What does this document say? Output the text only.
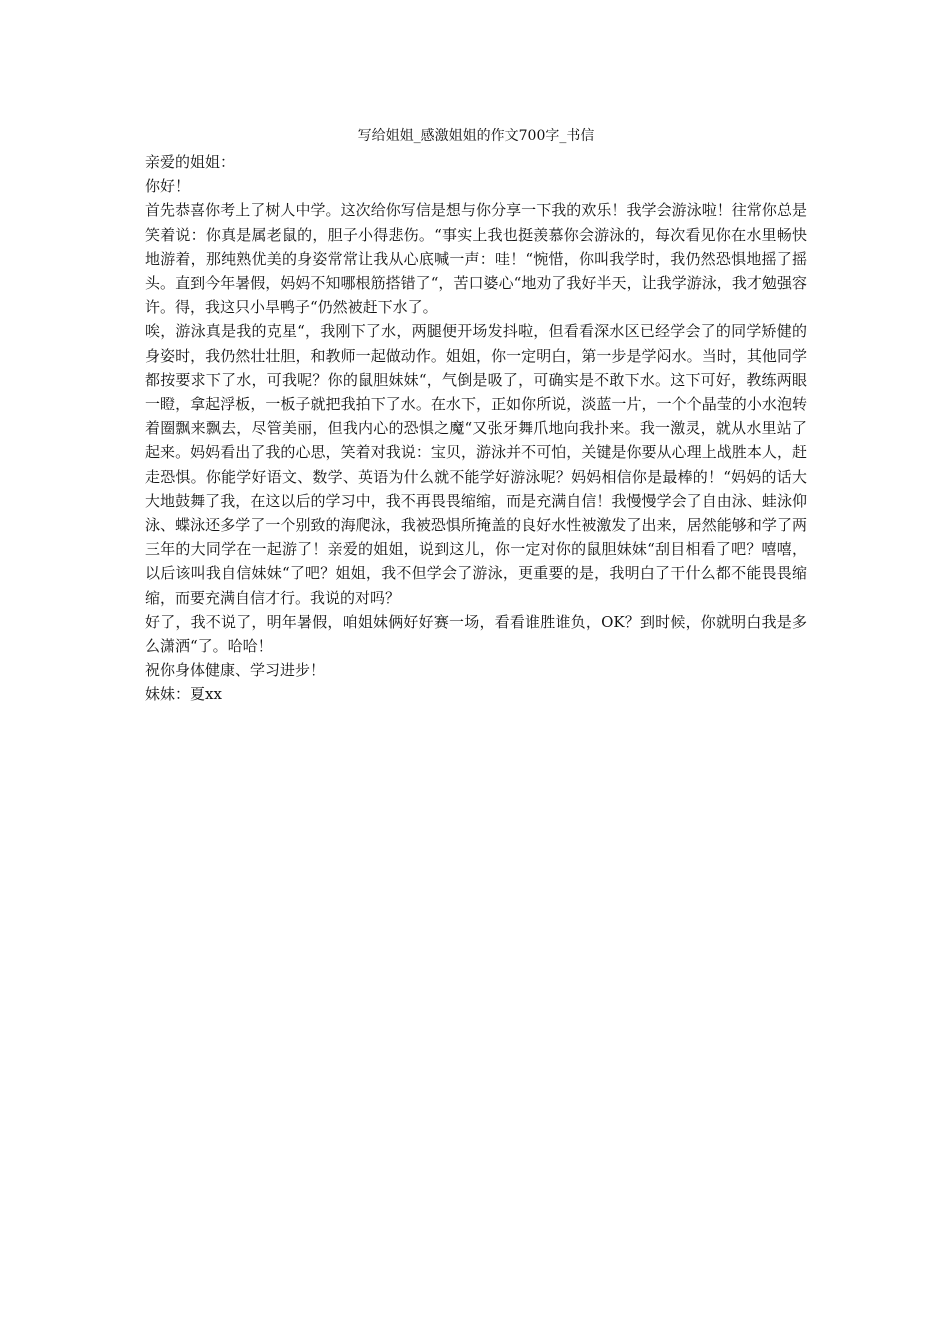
写给姐姐_感激姐姐的作文700字_书信

亲爱的姐姐：

你好！

首先恭喜你考上了树人中学。这次给你写信是想与你分享一下我的欢乐！我学会游泳啦！往常你总是笑着说：你真是属老鼠的，胆子小得悲伤。“事实上我也挺羡慕你会游泳的，每次看见你在水里畅快地游着，那纯熟优美的身姿常常让我从心底喊一声：哇！“惋惜，你叫我学时，我仍然恐惧地摇了摇头。直到今年暑假，妈妈不知哪根筋搭错了“，苦口婆心“地劝了我好半天，让我学游泳，我才勉强容许。得，我这只小旱鸭子“仍然被赶下水了。

唉，游泳真是我的克星“，我刚下了水，两腿便开场发抖啦，但看看深水区已经学会了的同学矫健的身姿时，我仍然壮壮胆，和教师一起做动作。姐姐，你一定明白，第一步是学闷水。当时，其他同学都按要求下了水，可我呢？你的鼠胆妹妹“，气倒是吸了，可确实是不敢下水。这下可好，教练两眼一瞪，拿起浮板，一板子就把我拍下了水。在水下，正如你所说，淡蓝一片，一个个晶莹的小水泡转着圈飘来飘去，尽管美丽，但我内心的恐惧之魔“又张牙舞爪地向我扑来。我一激灵，就从水里站了起来。妈妈看出了我的心思，笑着对我说：宝贝，游泳并不可怕，关键是你要从心理上战胜本人，赶走恐惧。你能学好语文、数学、英语为什么就不能学好游泳呢？妈妈相信你是最棒的！“妈妈的话大大地鼓舞了我，在这以后的学习中，我不再畏畏缩缩，而是充满自信！我慢慢学会了自由泳、蛙泳仰泳、蝶泳还多学了一个别致的海爬泳，我被恐惧所掩盖的良好水性被激发了出来，居然能够和学了两三年的大同学在一起游了！亲爱的姐姐，说到这儿，你一定对你的鼠胆妹妹“刮目相看了吧？嘻嘻，以后该叫我自信妹妹“了吧？姐姐，我不但学会了游泳，更重要的是，我明白了干什么都不能畏畏缩缩，而要充满自信才行。我说的对吗？

好了，我不说了，明年暑假，咱姐妹俩好好赛一场，看看谁胜谁负，OK？到时候，你就明白我是多么潇洒“了。哈哈！

祝你身体健康、学习进步！

妹妹：夏xx
